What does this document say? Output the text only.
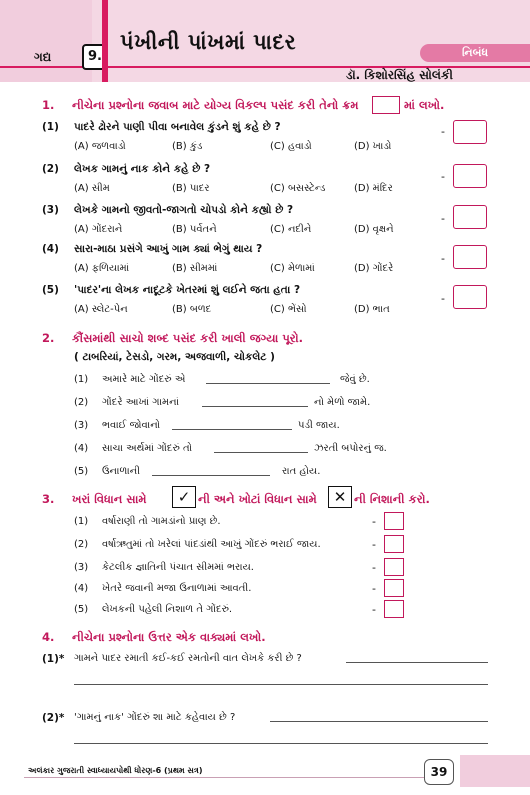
ગદ્ય	9.
પંખીની પાંખમાં પાદર	નિબંધ
ડૉ. કિશોરસિંહ સોલંકી
1. નીચેના પ્રશ્નોના જવાબ માટે યોગ્ય વિકલ્પ પસંદ કરી તેનો ક્રમ	માં લખો.
(1) પાદરે ઢોરને પાણી પીવા બનાવેલ કુંડને શું કહે છે ?
(A) જળવાડો	(B) કુંડ	(C) હવાડો	(D) ખાડો
-
(2) લેખક ગામનું નાક કોને કહે છે ?
(A) સીમ	(B) પાદર	(C) બસસ્ટેન્ડ	(D) મંદિર
-
(3) લેખકે ગામનો જીવતો-જાગતો ચોપડો કોને કહ્યો છે ?
(A) ગોંદરાને	(B) પર્વતને	(C) નદીને	(D) વૃક્ષને
-
(4) સારા-માઠા પ્રસંગે આખું ગામ ક્યાં ભેગું થાય ?
(A) ફળિયામાં	(B) સીમમાં	(C) મેળામાં	(D) ગોંદરે
-
(5) 'પાદર'ના લેખક નાદૂટકે ખેતરમાં શું લઈને જતા હતા ?
(A) સ્લેટ-પેન	(B) બળદ	(C) ભેંસો	(D) ભાત
-
2. કૌંસમાંથી સાચો શબ્દ પસંદ કરી ખાલી જગ્યા પૂરો.
( ટાબરિયાં, ટેસડો, ગરમ, અજવાળી, ચોકલેટ )
(1) અમારે માટે ગોંદરું એ	જેવું છે.
(2) ગોંદરે આખાં ગામનાં	નો મેળો જામે.
(3) ભવાઈ જોવાનો	પડી જાય.
(4) સાચા અર્થમાં ગોંદરું તો	ઝરતી બપોરનું જ.
(5) ઉનાળાની	રાત હોય.
3. ખરાં વિધાન સામે	✓ ની અને ખોટાં વિધાન સામે	✕ ની નિશાની કરો.
(1) વર્ષારાણી તો ગામડાંનો પ્રાણ છે.	-
(2) વર્ષાઋતુમાં તો ખરેલાં પાંદડાંથી આખું ગોંદરું ભરાઈ જાય.	-
(3) કેટલીક જ્ઞાતિની પંચાત સીમમાં ભરાય.	-
(4) ખેતરે જવાની મજા ઉનાળામાં આવતી.	-
(5) લેખકની પહેલી નિશાળ તે ગોંદરું.	-
4. નીચેના પ્રશ્નોના ઉત્તર એક વાક્યમાં લખો.
(1)* ગામને પાદર રમાતી કઈ-કઈ રમતોની વાત લેખકે કરી છે ?
(2)* 'ગામનું નાક' ગોંદરું શા માટે કહેવાય છે ?
અલંકાર ગુજરાતી સ્વાધ્યાયપોથી ધોરણ-6 (પ્રથમ સત્ર)	39
